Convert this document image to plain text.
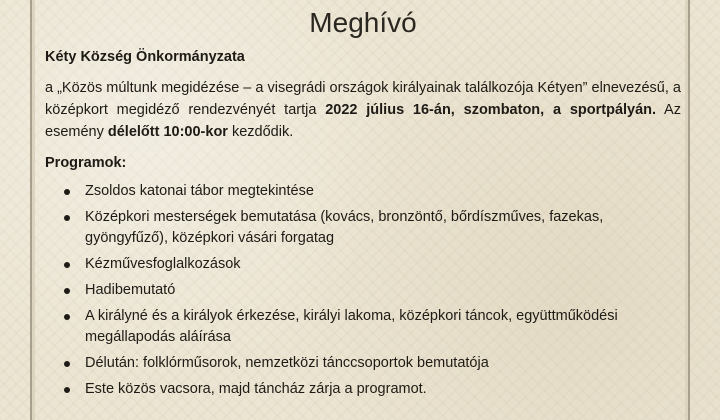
Meghívó

Kéty Község Önkormányzata

a „Közös múltunk megidézése – a visegrádi országok királyainak találkozója Kétyen” elnevezésű, a középkort megidéző rendezvényét tartja 2022 július 16-án, szombaton, a sportpályán. Az esemény délelőtt 10:00-kor kezdődik.

Programok:

Zsoldos katonai tábor megtekintése
Középkori mesterségek bemutatása (kovács, bronzöntő, bőrdíszműves, fazekas, gyöngyfűző), középkori vásári forgatag
Kézművesfoglalkozások
Hadibemutató
A királyné és a királyok érkezése, királyi lakoma, középkori táncok, együttműködési megállapodás aláírása
Délután: folklórműsorok, nemzetközi tánccsoportok bemutatója
Este közös vacsora, majd táncház zárja a programot.
